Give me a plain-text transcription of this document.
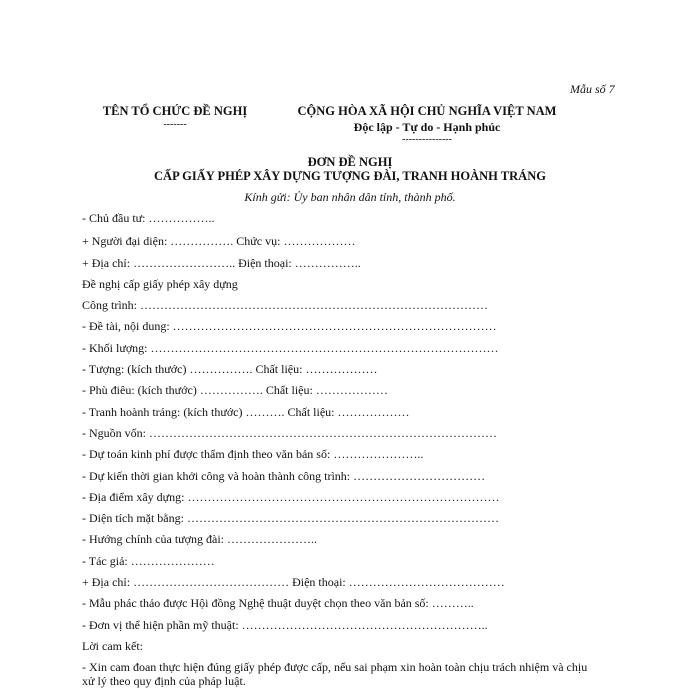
Mẫu số 7
TÊN TỔ CHỨC ĐỀ NGHỊ
-------
CỘNG HÒA XÃ HỘI CHỦ NGHĨA VIỆT NAM
Độc lập - Tự do - Hạnh phúc
---------------
ĐƠN ĐỀ NGHỊ
CẤP GIẤY PHÉP XÂY DỰNG TƯỢNG ĐÀI, TRANH HOÀNH TRÁNG
Kính gửi: Ủy ban nhân dân tỉnh, thành phố.
- Chủ đầu tư: ……………..
+ Người đại diện: ……………. Chức vụ: ………………
+ Địa chỉ: …………………….. Điện thoại: ……………..
Đề nghị cấp giấy phép xây dựng
Công trình: ……………………………………………………………………………
- Đề tài, nội dung: ………………………………………………………………………
- Khối lượng: ……………………………………………………………………………
- Tượng: (kích thước) ……………. Chất liệu: ………………
- Phù điêu: (kích thước) ……………. Chất liệu: ………………
- Tranh hoành tráng: (kích thước) ………. Chất liệu: ………………
- Nguồn vốn: ……………………………………………………………………………
- Dự toán kinh phí được thẩm định theo văn bản số: …………………..
- Dự kiến thời gian khởi công và hoàn thành công trình: ……………………………
- Địa điểm xây dựng: ……………………………………………………………………
- Diện tích mặt bằng: ……………………………………………………………………
- Hướng chính của tượng đài: …………………..
- Tác giả: …………………
+ Địa chỉ: ………………………………… Điện thoại: …………………………………
- Mẫu phác thảo được Hội đồng Nghệ thuật duyệt chọn theo văn bản số: ………..
- Đơn vị thể hiện phần mỹ thuật: ……………………………………………………..
Lời cam kết:
- Xin cam đoan thực hiện đúng giấy phép được cấp, nếu sai phạm xin hoàn toàn chịu trách nhiệm và chịu
xử lý theo quy định của pháp luật.
